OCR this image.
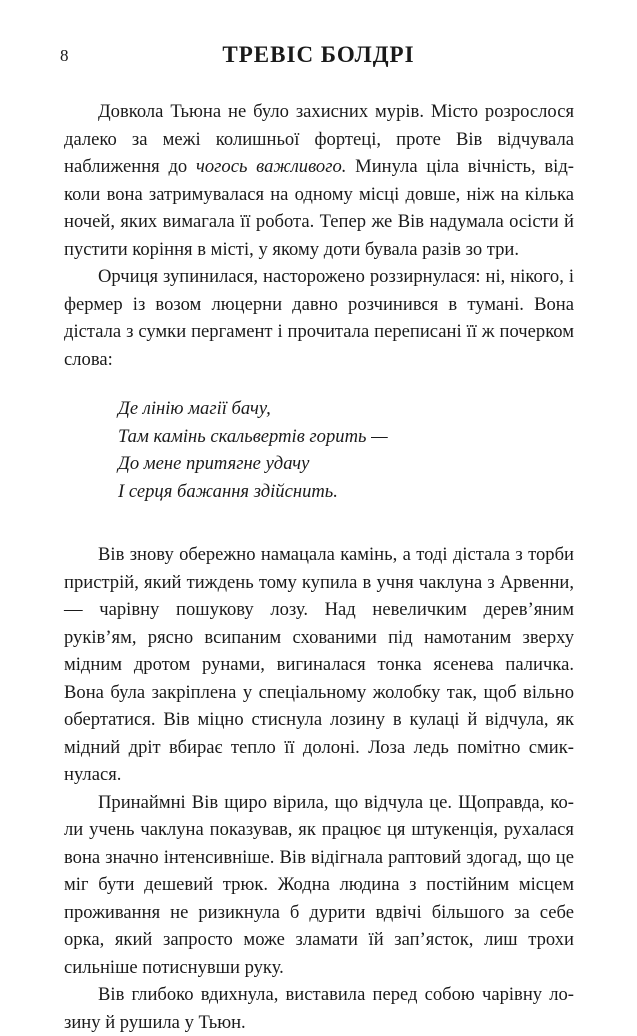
8	ТРЕВІС БОЛДРІ

Довкола Тьюна не було захисних мурів. Місто розрослося далеко за межі колишньої фортеці, проте Вів відчувала наближення до чогось важливого. Минула ціла вічність, відколи вона затримувалася на одному місці довше, ніж на кілька ночей, яких вимагала її робота. Тепер же Вів надумала осісти й пустити коріння в місті, у якому доти бувала разів зо три.

Орчиця зупинилася, настороженo роззирнулася: ні, нікого, і фермер із возом люцерни давно розчинився в тумані. Вона дістала з сумки пергамент і прочитала переписані її ж почерком слова:

Де лінію магії бачу,
Там камінь скальвертів горить —
До мене притягне удачу
І серця бажання здійснить.

Вів знову обережно намацала камінь, а тоді дістала з торби пристрій, який тиждень тому купила в учня чаклуна з Арвенни, — чарівну пошукову лозу. Над невеличким дерев’яним руків’ям, рясно всипаним схованими під намотаним зверху мідним дротом рунами, вигиналася тонка ясенева паличка. Вона була закріплена у спеціальному жолобку так, щоб вільно обертатися. Вів міцно стиснула лозину в кулаці й відчула, як мідний дріт вбирає тепло її долоні. Лоза ледь помітно смикнулася.

Принаймні Вів щиро вірила, що відчула це. Щоправда, коли учень чаклуна показував, як працює ця штукенція, рухалася вона значно інтенсивніше. Вів відігнала раптовий здогад, що це міг бути дешевий трюк. Жодна людина з постійним місцем проживання не ризикнула б дурити вдвічі більшого за себе орка, який запросто може зламати їй зап’ясток, лиш трохи сильніше потиснувши руку.

Вів глибоко вдихнула, виставила перед собою чарівну лозину й рушила у Тьюн.
